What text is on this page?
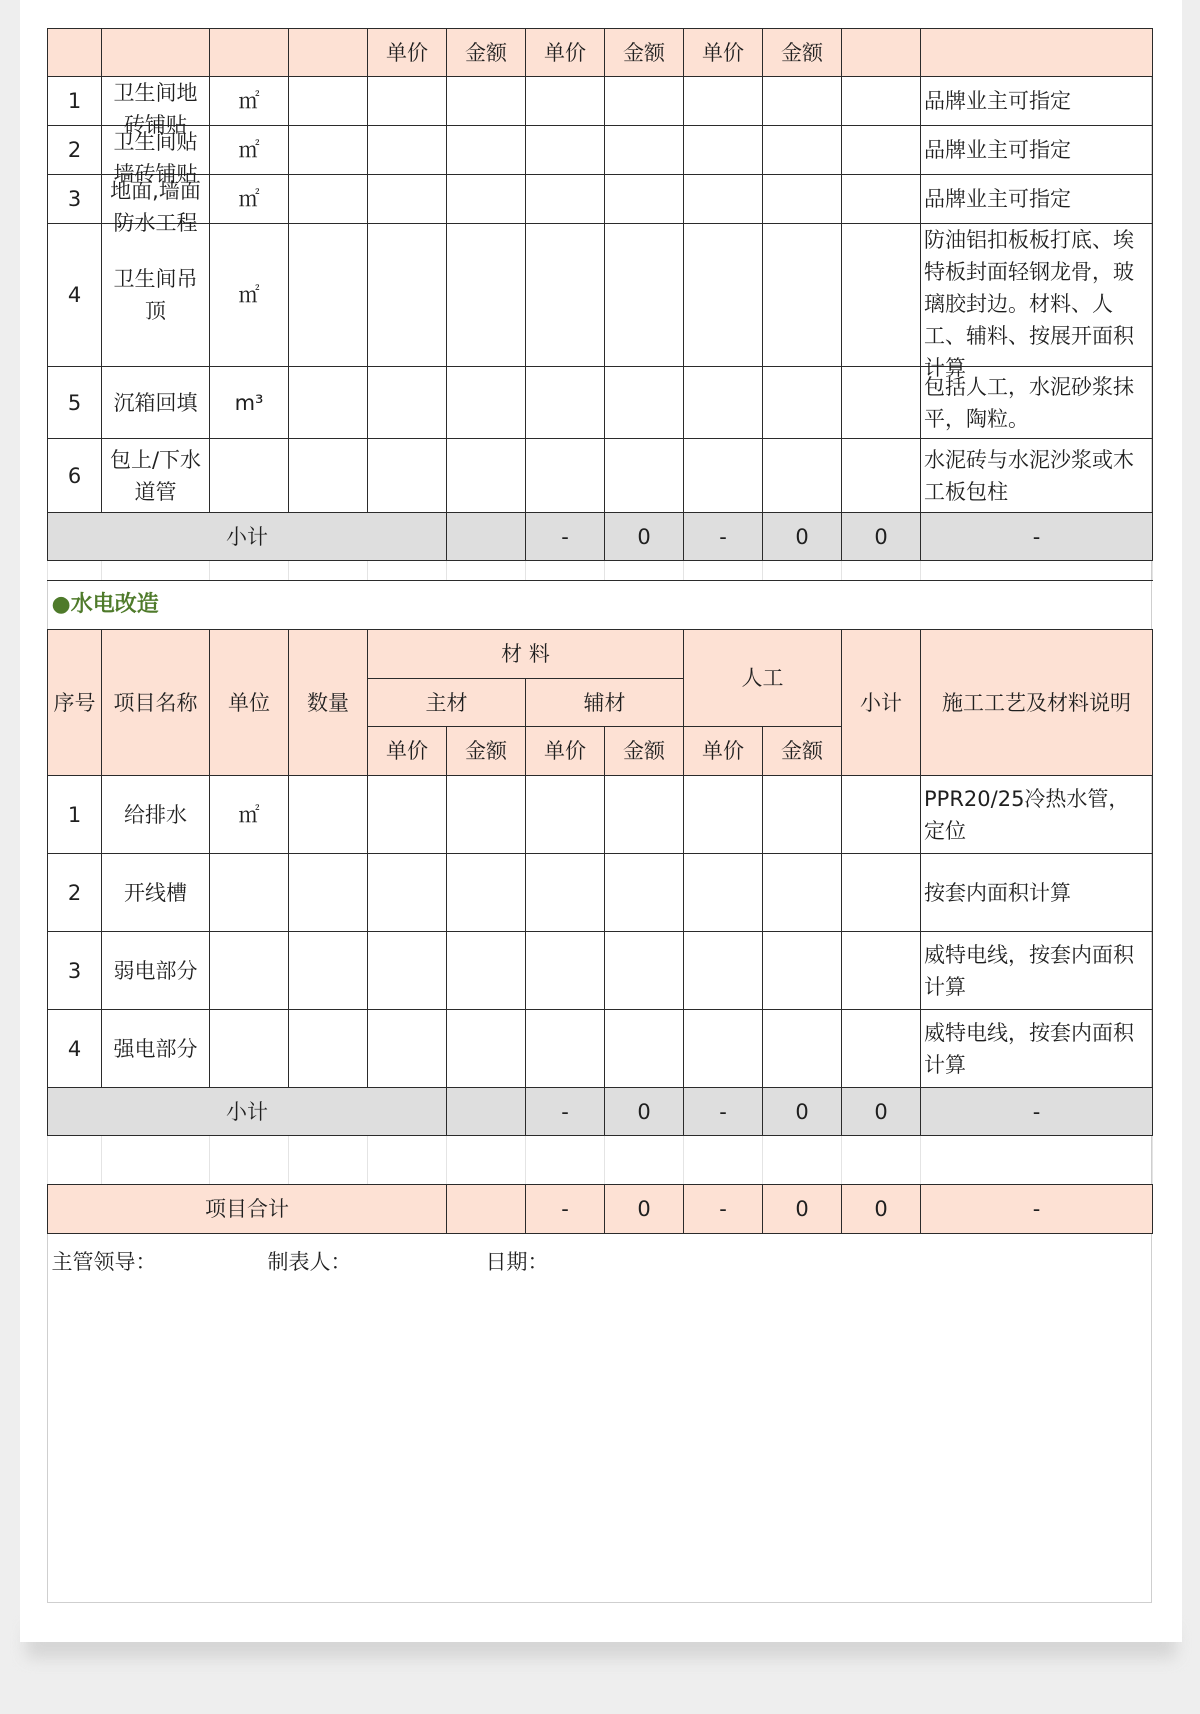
				单价	金额	单价	金额	单价	金额		
1	卫生间地砖铺贴	㎡									品牌业主可指定
2	卫生间贴墙砖铺贴	㎡									品牌业主可指定
3	地面,墙面防水工程	㎡									品牌业主可指定
4	卫生间吊顶	㎡									防油铝扣板板打底、埃特板封面轻钢龙骨，玻璃胶封边。材料、人工、辅料、按展开面积计算

5	沉箱回填	m³									包括人工，水泥砂浆抹平，陶粒。
6	包上/下水道管										水泥砖与水泥沙浆或木工板包柱
小计						-	0	-	0	0	-

●水电改造											
序号	项目名称	单位	数量	材 料				人工		小计	施工工艺及材料说明
				主材		辅材					
				单价	金额	单价	金额	单价	金额		
1	给排水	㎡									PPR20/25冷热水管，定位
2	开线槽										按套内面积计算
3	弱电部分										威特电线，按套内面积计算
4	强电部分										威特电线，按套内面积计算
小计						-	0	-	0	0	-

项目合计						-	0	-	0	0	-
主管领导： 制表人： 日期：											
